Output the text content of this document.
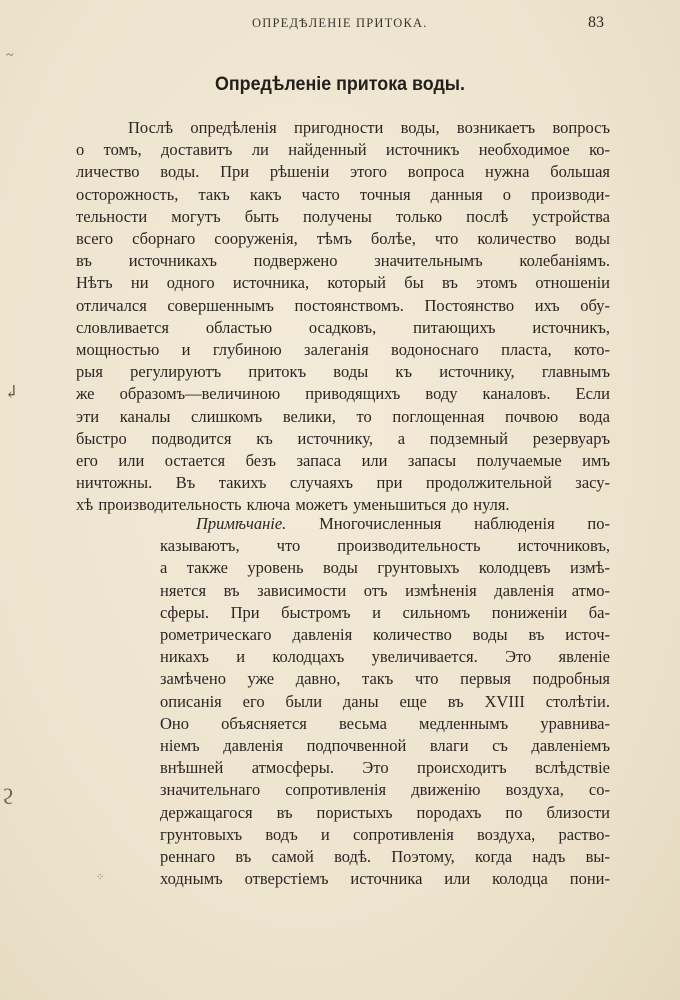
~
↲
ϩ
⁘
ОПРЕДѢЛЕНІЕ ПРИТОКА.	83
Опредѣленіе притока воды.
Послѣ опредѣленія пригодности воды, возникаетъ вопросъ
о томъ, доставитъ ли найденный источникъ необходимое ко-
личество воды. При рѣшеніи этого вопроса нужна большая
осторожность, такъ какъ часто точныя данныя о производи-
тельности могутъ быть получены только послѣ устройства
всего сборнаго сооруженія, тѣмъ болѣе, что количество воды
въ источникахъ подвержено значительнымъ колебаніямъ.
Нѣтъ ни одного источника, который бы въ этомъ отношеніи
отличался совершеннымъ постоянствомъ. Постоянство ихъ обу-
словливается областью осадковъ, питающихъ источникъ,
мощностью и глубиною залеганія водоноснаго пласта, кото-
рыя регулируютъ притокъ воды къ источнику, главнымъ
же образомъ—величиною приводящихъ воду каналовъ. Если
эти каналы слишкомъ велики, то поглощенная почвою вода
быстро подводится къ источнику, а подземный резервуаръ
его или остается безъ запаса или запасы получаемые имъ
ничтожны. Въ такихъ случаяхъ при продолжительной засу-
хѣ производительность ключа можетъ уменьшиться до нуля.
Примѣчаніе. Многочисленныя наблюденія по-
казываютъ, что производительность источниковъ,
а также уровень воды грунтовыхъ колодцевъ измѣ-
няется въ зависимости отъ измѣненія давленія атмо-
сферы. При быстромъ и сильномъ пониженіи ба-
рометрическаго давленія количество воды въ источ-
никахъ и колодцахъ увеличивается. Это явленіе
замѣчено уже давно, такъ что первыя подробныя
описанія его были даны еще въ XVIII столѣтіи.
Оно объясняется весьма медленнымъ уравнива-
ніемъ давленія подпочвенной влаги съ давленіемъ
внѣшней атмосферы. Это происходитъ вслѣдствіе
значительнаго сопротивленія движенію воздуха, со-
держащагося въ пористыхъ породахъ по близости
грунтовыхъ водъ и сопротивленія воздуха, раство-
реннаго въ самой водѣ. Поэтому, когда надъ вы-
ходнымъ отверстіемъ источника или колодца пони-
